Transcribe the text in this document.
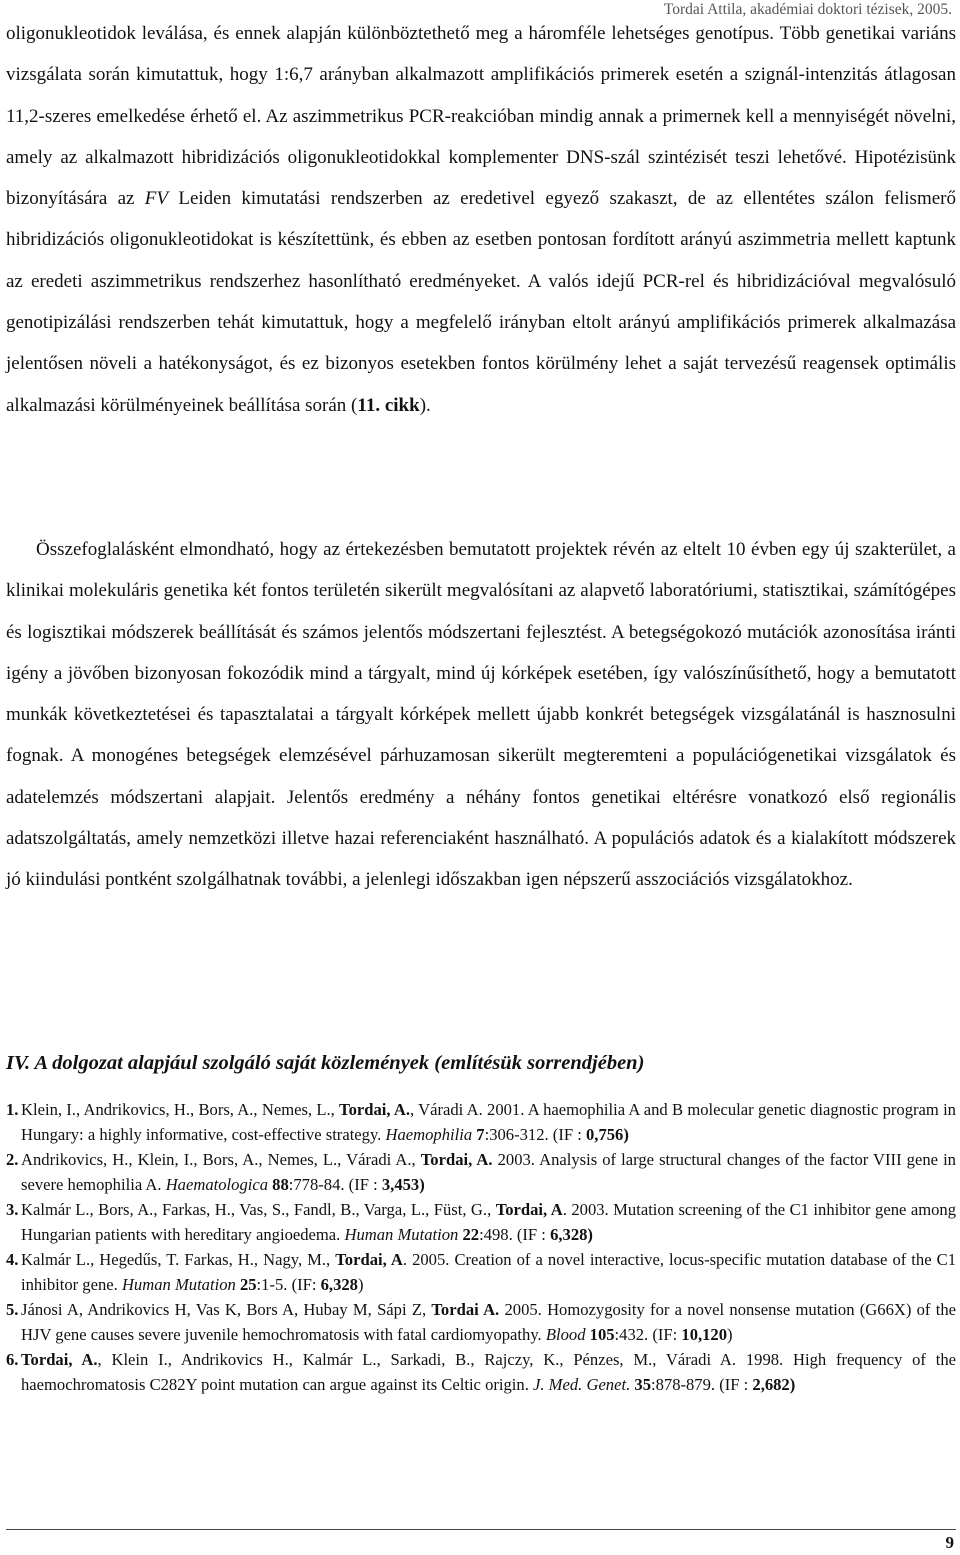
Tordai Attila, akadémiai doktori tézisek, 2005.

oligonukleotidok leválása, és ennek alapján különböztethető meg a háromféle lehetséges genotípus. Több genetikai variáns vizsgálata során kimutattuk, hogy 1:6,7 arányban alkalmazott amplifikációs primerek esetén a szignál-intenzitás átlagosan 11,2-szeres emelkedése érhető el. Az aszimmetrikus PCR-reakcióban mindig annak a primernek kell a mennyiségét növelni, amely az alkalmazott hibridizációs oligonukleotidokkal komplementer DNS-szál szintézisét teszi lehetővé. Hipotézisünk bizonyítására az FV Leiden kimutatási rendszerben az eredetivel egyező szakaszt, de az ellentétes szálon felismerő hibridizációs oligonukleotidokat is készítettünk, és ebben az esetben pontosan fordított arányú aszimmetria mellett kaptunk az eredeti aszimmetrikus rendszerhez hasonlítható eredményeket. A valós idejű PCR-rel és hibridizációval megvalósuló genotipizálási rendszerben tehát kimutattuk, hogy a megfelelő irányban eltolt arányú amplifikációs primerek alkalmazása jelentősen növeli a hatékonyságot, és ez bizonyos esetekben fontos körülmény lehet a saját tervezésű reagensek optimális alkalmazási körülményeinek beállítása során (11. cikk).

Összefoglalásként elmondható, hogy az értekezésben bemutatott projektek révén az eltelt 10 évben egy új szakterület, a klinikai molekuláris genetika két fontos területén sikerült megvalósítani az alapvető laboratóriumi, statisztikai, számítógépes és logisztikai módszerek beállítását és számos jelentős módszertani fejlesztést. A betegségokozó mutációk azonosítása iránti igény a jövőben bizonyosan fokozódik mind a tárgyalt, mind új kórképek esetében, így valószínűsíthető, hogy a bemutatott munkák következtetései és tapasztalatai a tárgyalt kórképek mellett újabb konkrét betegségek vizsgálatánál is hasznosulni fognak. A monogénes betegségek elemzésével párhuzamosan sikerült megteremteni a populációgenetikai vizsgálatok és adatelemzés módszertani alapjait. Jelentős eredmény a néhány fontos genetikai eltérésre vonatkozó első regionális adatszolgáltatás, amely nemzetközi illetve hazai referenciaként használható. A populációs adatok és a kialakított módszerek jó kiindulási pontként szolgálhatnak további, a jelenlegi időszakban igen népszerű asszociációs vizsgálatokhoz.

IV. A dolgozat alapjául szolgáló saját közlemények (említésük sorrendjében)
1. Klein, I., Andrikovics, H., Bors, A., Nemes, L., Tordai, A., Váradi A. 2001. A haemophilia A and B molecular genetic diagnostic program in Hungary: a highly informative, cost-effective strategy. Haemophilia 7:306-312. (IF : 0,756)
2. Andrikovics, H., Klein, I., Bors, A., Nemes, L., Váradi A., Tordai, A. 2003. Analysis of large structural changes of the factor VIII gene in severe hemophilia A. Haematologica 88:778-84. (IF : 3,453)
3. Kalmár L., Bors, A., Farkas, H., Vas, S., Fandl, B., Varga, L., Füst, G., Tordai, A. 2003. Mutation screening of the C1 inhibitor gene among Hungarian patients with hereditary angioedema. Human Mutation 22:498. (IF : 6,328)
4. Kalmár L., Hegedűs, T. Farkas, H., Nagy, M., Tordai, A. 2005. Creation of a novel interactive, locus-specific mutation database of the C1 inhibitor gene. Human Mutation 25:1-5. (IF: 6,328)
5. Jánosi A, Andrikovics H, Vas K, Bors A, Hubay M, Sápi Z, Tordai A. 2005. Homozygosity for a novel nonsense mutation (G66X) of the HJV gene causes severe juvenile hemochromatosis with fatal cardiomyopathy. Blood 105:432. (IF: 10,120)
6. Tordai, A., Klein I., Andrikovics H., Kalmár L., Sarkadi, B., Rajczy, K., Pénzes, M., Váradi A. 1998. High frequency of the haemochromatosis C282Y point mutation can argue against its Celtic origin. J. Med. Genet. 35:878-879. (IF : 2,682)
9
